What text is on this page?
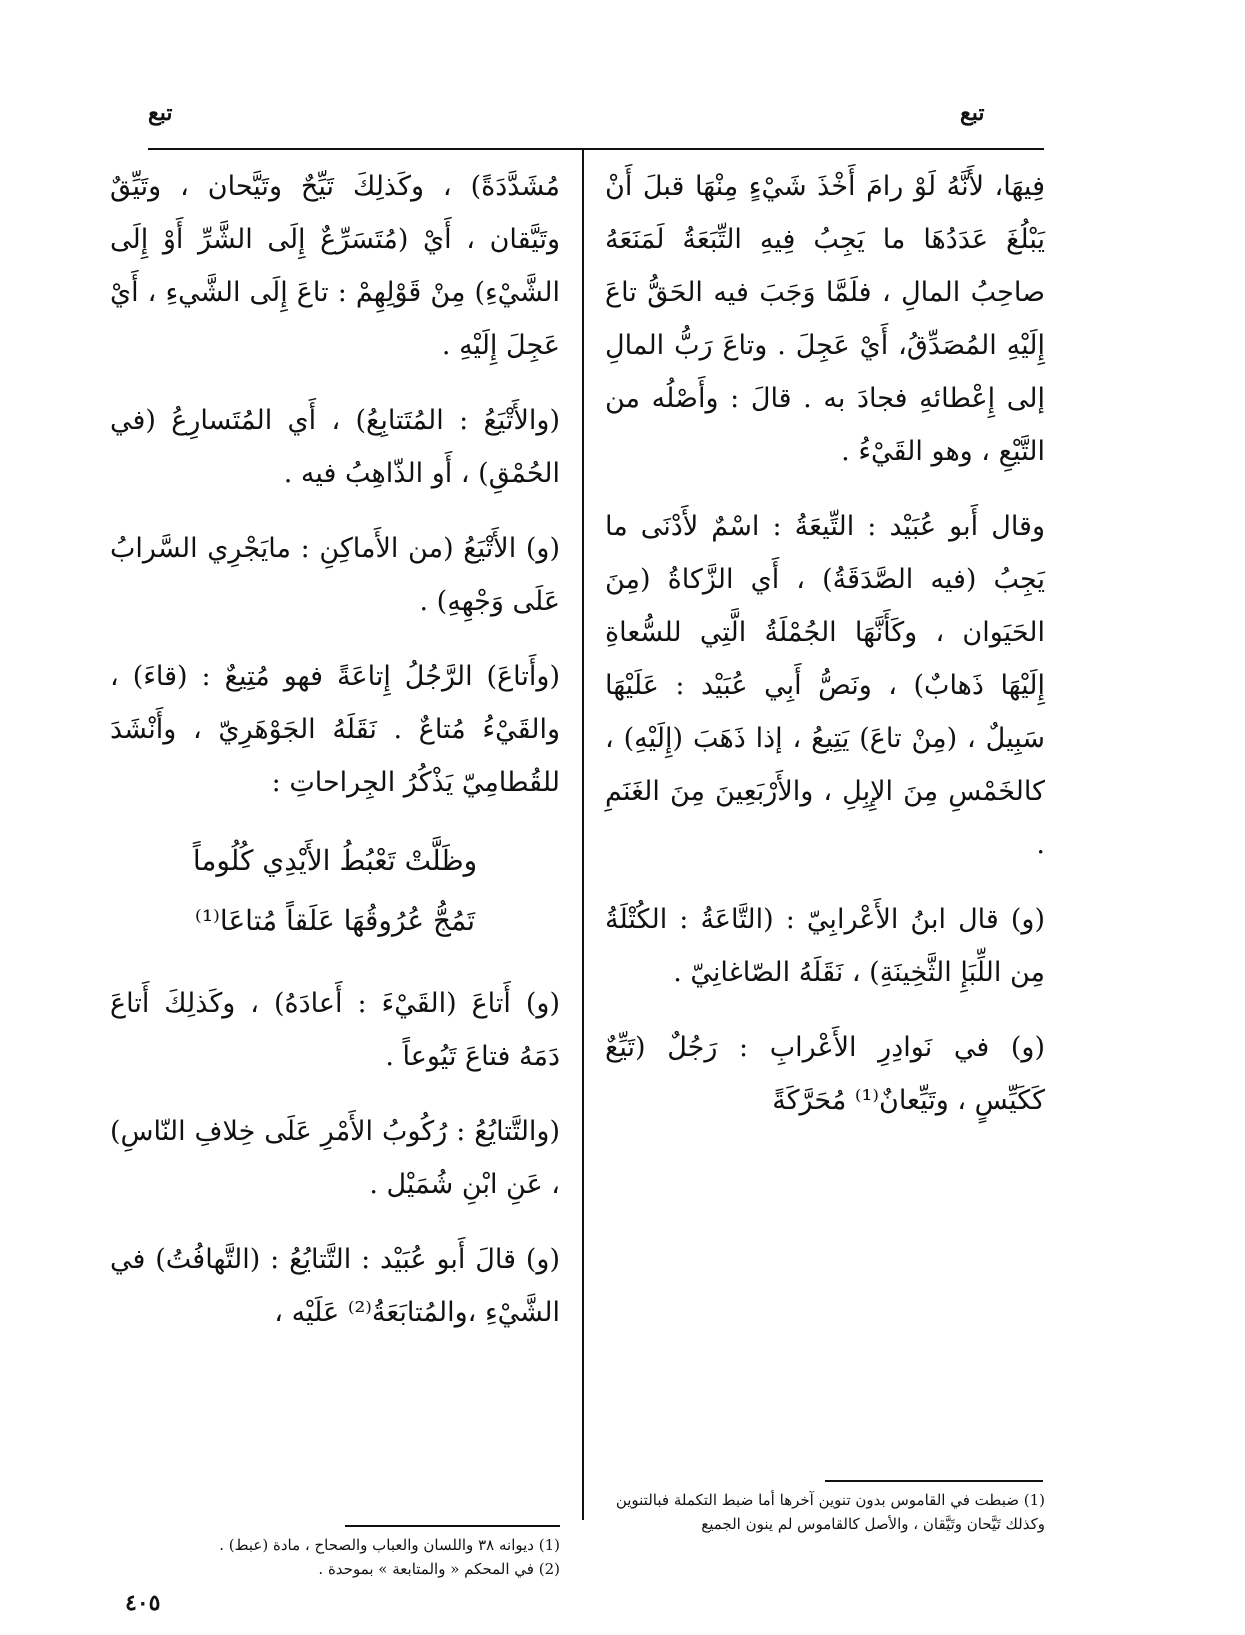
تبع
تبع

فِيهَا، لأَنَّهُ لَوْ رامَ أَخْذَ شَيْءٍ مِنْهَا قبلَ أَنْ يَبْلُغَ عَدَدُهَا ما يَجِبُ فِيهِ التِّبَعَةُ لَمَنَعَهُ صاحِبُ المالِ ، فلَمَّا وَجَبَ فيه الحَقُّ تاعَ إِلَيْهِ المُصَدِّقُ، أَيْ عَجِلَ . وتاعَ رَبُّ المالِ إلى إِعْطائهِ فجادَ به . قالَ : وأَصْلُه من التَّيْعِ ، وهو القَيْءُ .

وقال أَبو عُبَيْد : التِّيعَةُ : اسْمٌ لأَدْنَى ما يَجِبُ (فيه الصَّدَقَةُ) ، أَي الزَّكاةُ (مِنَ الحَيَوان ، وكَأَنَّهَا الجُمْلَةُ الَّتِي للسُّعاةِ إِلَيْهَا ذَهابٌ) ، ونَصُّ أَبِي عُبَيْد : عَلَيْهَا سَبِيلٌ ، (مِنْ تاعَ) يَتِيعُ ، إذا ذَهَبَ (إِلَيْهِ) ، كالخَمْسِ مِنَ الإِبِلِ ، والأَرْبَعِينَ مِنَ الغَنَمِ .

(و) قال ابنُ الأَعْرابِيّ : (التَّاعَةُ : الكُتْلَةُ مِن اللِّبَإِ الثَّخِينَةِ) ، نَقَلَهُ الصّاغانِيّ .

(و) في نَوادِرِ الأَعْرابِ : رَجُلٌ (تَيِّعٌ كَكَيِّسٍ ، وتَيِّعانٌ⁽¹⁾ مُحَرَّكَةً

مُشَدَّدَةً) ، وكَذلِكَ تَيِّحٌ وتَيَّحان ، وتَيِّقٌ وتَيَّقان ، أَيْ (مُتَسَرِّعٌ إِلَى الشَّرِّ أَوْ إِلَى الشَّيْءِ) مِنْ قَوْلِهِمْ : تاعَ إِلَى الشَّيءِ ، أَيْ عَجِلَ إِلَيْهِ .

(والأَتْيَعُ : المُتَتابِعُ) ، أَي المُتَسارِعُ (في الحُمْقِ) ، أَو الذّاهِبُ فيه .

(و) الأَتْيَعُ (من الأَماكِنِ : مايَجْرِي السَّرابُ عَلَى وَجْهِهِ) .

(وأَتاعَ) الرَّجُلُ إِتاعَةً فهو مُتِيعٌ : (قاءَ) ، والقَيْءُ مُتاعٌ . نَقَلَهُ الجَوْهَرِيّ ، وأَنْشَدَ للقُطامِيّ يَذْكُرُ الجِراحاتِ :

وظَلَّتْ تَعْبُطُ الأَيْدِي كُلُوماً

تَمُجُّ عُرُوقُهَا عَلَقاً مُتاعَا⁽¹⁾

(و) أَتاعَ (القَيْءَ : أَعادَهُ) ، وكَذلِكَ أَتاعَ دَمَهُ فتاعَ تَيُوعاً .

(والتَّتايُعُ : رُكُوبُ الأَمْرِ عَلَى خِلافِ النّاسِ) ، عَنِ ابْنِ شُمَيْل .

(و) قالَ أَبو عُبَيْد : التَّتايُعُ : (التَّهافُتُ) في الشَّيْءِ ،والمُتابَعَةُ⁽²⁾ عَلَيْه ،

(1) ضبطت في القاموس بدون تنوين آخرها أما ضبط التكملة فبالتنوين وكذلك تَيَّحان وتَيَّقان ، والأصل كالقاموس لم ينون الجميع

(1) ديوانه ٣٨ واللسان والعباب والصحاح ، مادة (عبط) .

(2) في المحكم « والمتابعة » بموحدة .

٤٠٥
